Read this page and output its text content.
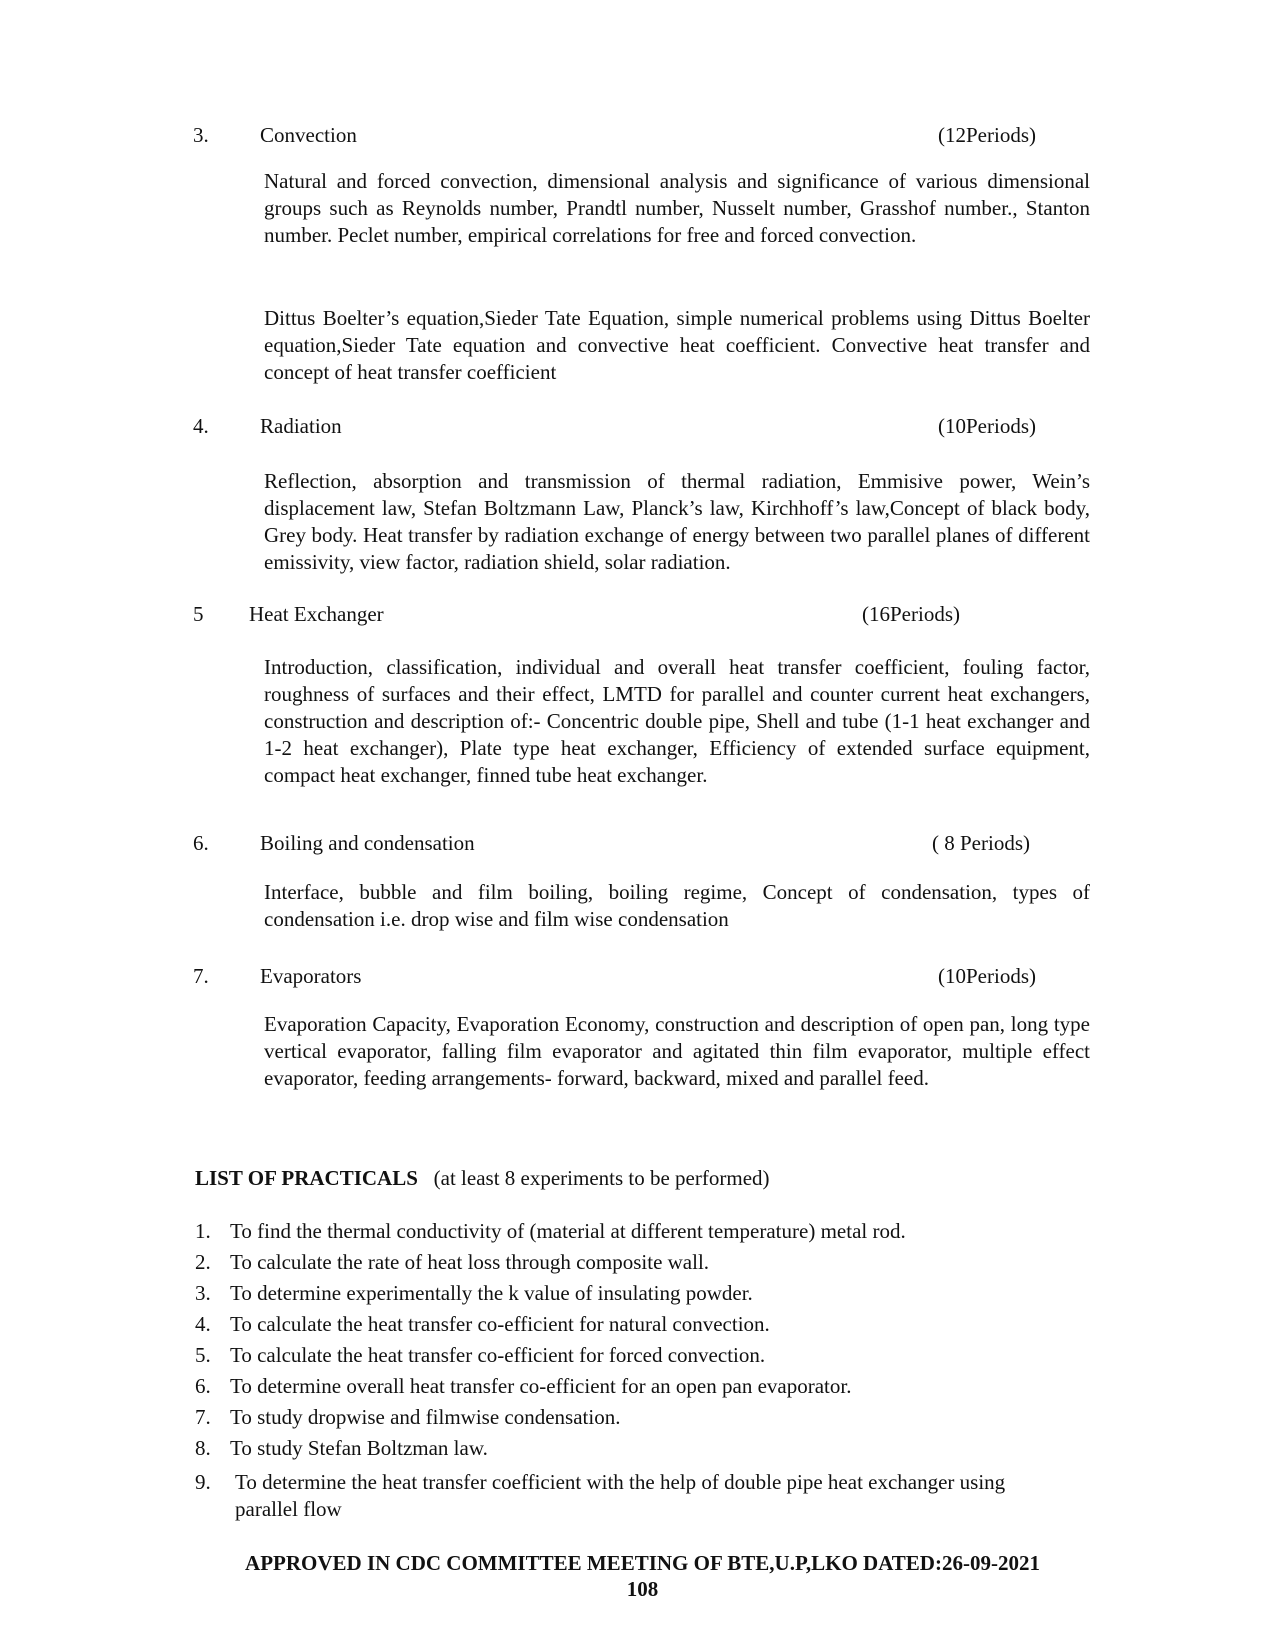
3. Convection	(12Periods)

Natural and forced convection, dimensional analysis and significance of various dimensional groups such as Reynolds number, Prandtl number, Nusselt number, Grasshof number., Stanton number. Peclet number, empirical correlations for free and forced convection.

Dittus Boelter’s equation,Sieder Tate Equation, simple numerical problems using Dittus Boelter equation,Sieder Tate equation and convective heat coefficient. Convective heat transfer and concept of heat transfer coefficient

4. Radiation	(10Periods)

Reflection, absorption and transmission of thermal radiation, Emmisive power, Wein’s displacement law, Stefan Boltzmann Law, Planck’s law, Kirchhoff’s law,Concept of black body, Grey body. Heat transfer by radiation exchange of energy between two parallel planes of different emissivity, view factor, radiation shield, solar radiation.

5 Heat Exchanger	(16Periods)

Introduction, classification, individual and overall heat transfer coefficient, fouling factor, roughness of surfaces and their effect, LMTD for parallel and counter current heat exchangers, construction and description of:- Concentric double pipe, Shell and tube (1-1 heat exchanger and 1-2 heat exchanger), Plate type heat exchanger, Efficiency of extended surface equipment, compact heat exchanger, finned tube heat exchanger.

6. Boiling and condensation	( 8 Periods)

Interface, bubble and film boiling, boiling regime, Concept of condensation, types of condensation i.e. drop wise and film wise condensation

7. Evaporators	(10Periods)

Evaporation Capacity, Evaporation Economy, construction and description of open pan, long type vertical evaporator, falling film evaporator and agitated thin film evaporator, multiple effect evaporator, feeding arrangements- forward, backward, mixed and parallel feed.

LIST OF PRACTICALS (at least 8 experiments to be performed)
1. To find the thermal conductivity of (material at different temperature) metal rod.
2. To calculate the rate of heat loss through composite wall.
3. To determine experimentally the k value of insulating powder.
4. To calculate the heat transfer co-efficient for natural convection.
5. To calculate the heat transfer co-efficient for forced convection.
6. To determine overall heat transfer co-efficient for an open pan evaporator.
7. To study dropwise and filmwise condensation.
8. To study Stefan Boltzman law.
9. To determine the heat transfer coefficient with the help of double pipe heat exchanger using parallel flow
APPROVED IN CDC COMMITTEE MEETING OF BTE,U.P,LKO DATED:26-09-2021
108
